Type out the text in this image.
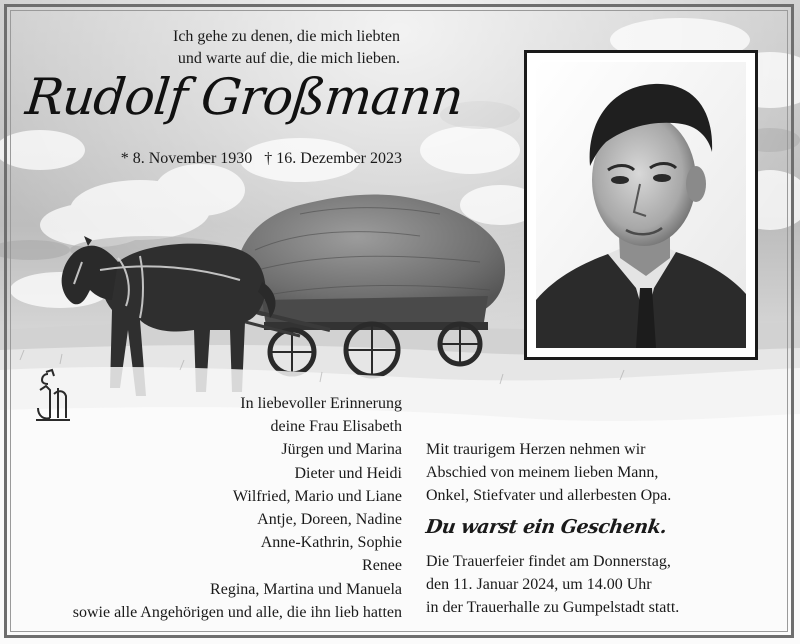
Ich gehe zu denen, die mich liebten
und warte auf die, die mich lieben.
Rudolf Großmann
* 8. November 1930 † 16. Dezember 2023
In liebevoller Erinnerung
deine Frau Elisabeth
Jürgen und Marina
Dieter und Heidi
Wilfried, Mario und Liane
Antje, Doreen, Nadine
Anne-Kathrin, Sophie
Renee
Regina, Martina und Manuela
sowie alle Angehörigen und alle, die ihn lieb hatten
Mit traurigem Herzen nehmen wir
Abschied von meinem lieben Mann,
Onkel, Stiefvater und allerbesten Opa.
Du warst ein Geschenk.
Die Trauerfeier findet am Donnerstag,
den 11. Januar 2024, um 14.00 Uhr
in der Trauerhalle zu Gumpelstadt statt.
